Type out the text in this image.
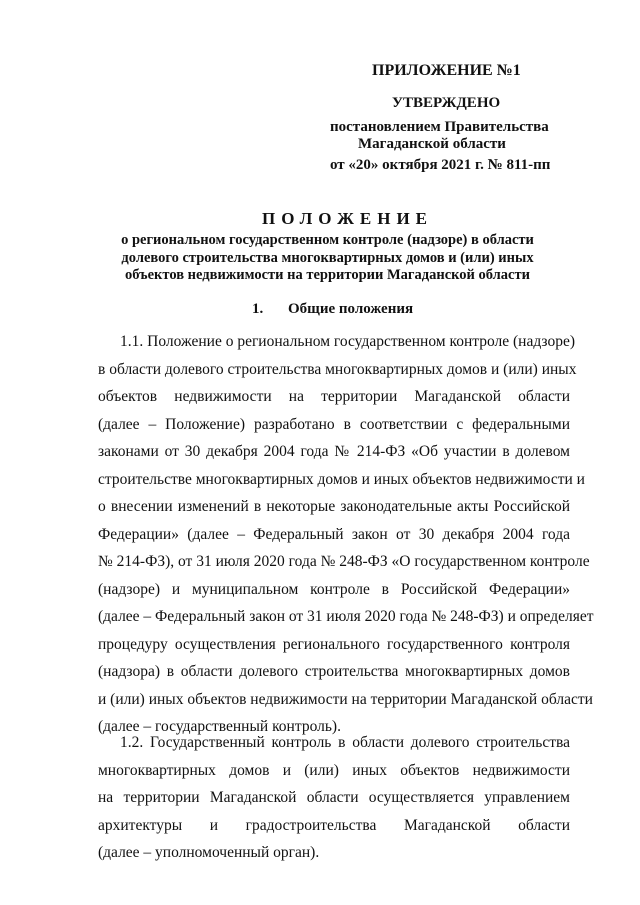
ПРИЛОЖЕНИЕ №1
УТВЕРЖДЕНО
постановлением Правительства
Магаданской области
от «20» октября 2021 г. № 811-пп
ПОЛОЖЕНИЕ
о региональном государственном контроле (надзоре) в области долевого строительства многоквартирных домов и (или) иных объектов недвижимости на территории Магаданской области
1. Общие положения
1.1. Положение о региональном государственном контроле (надзоре)
в области долевого строительства многоквартирных домов и (или) иных
объектов недвижимости на территории Магаданской области
(далее – Положение) разработано в соответствии с федеральными
законами от 30 декабря 2004 года № 214-ФЗ «Об участии в долевом
строительстве многоквартирных домов и иных объектов недвижимости и
о внесении изменений в некоторые законодательные акты Российской
Федерации» (далее – Федеральный закон от 30 декабря 2004 года
№ 214-ФЗ), от 31 июля 2020 года № 248-ФЗ «О государственном контроле
(надзоре) и муниципальном контроле в Российской Федерации»
(далее – Федеральный закон от 31 июля 2020 года № 248-ФЗ) и определяет
процедуру осуществления регионального государственного контроля
(надзора) в области долевого строительства многоквартирных домов
и (или) иных объектов недвижимости на территории Магаданской области
(далее – государственный контроль).
1.2. Государственный контроль в области долевого строительства
многоквартирных домов и (или) иных объектов недвижимости
на территории Магаданской области осуществляется управлением
архитектуры и градостроительства Магаданской области
(далее – уполномоченный орган).
